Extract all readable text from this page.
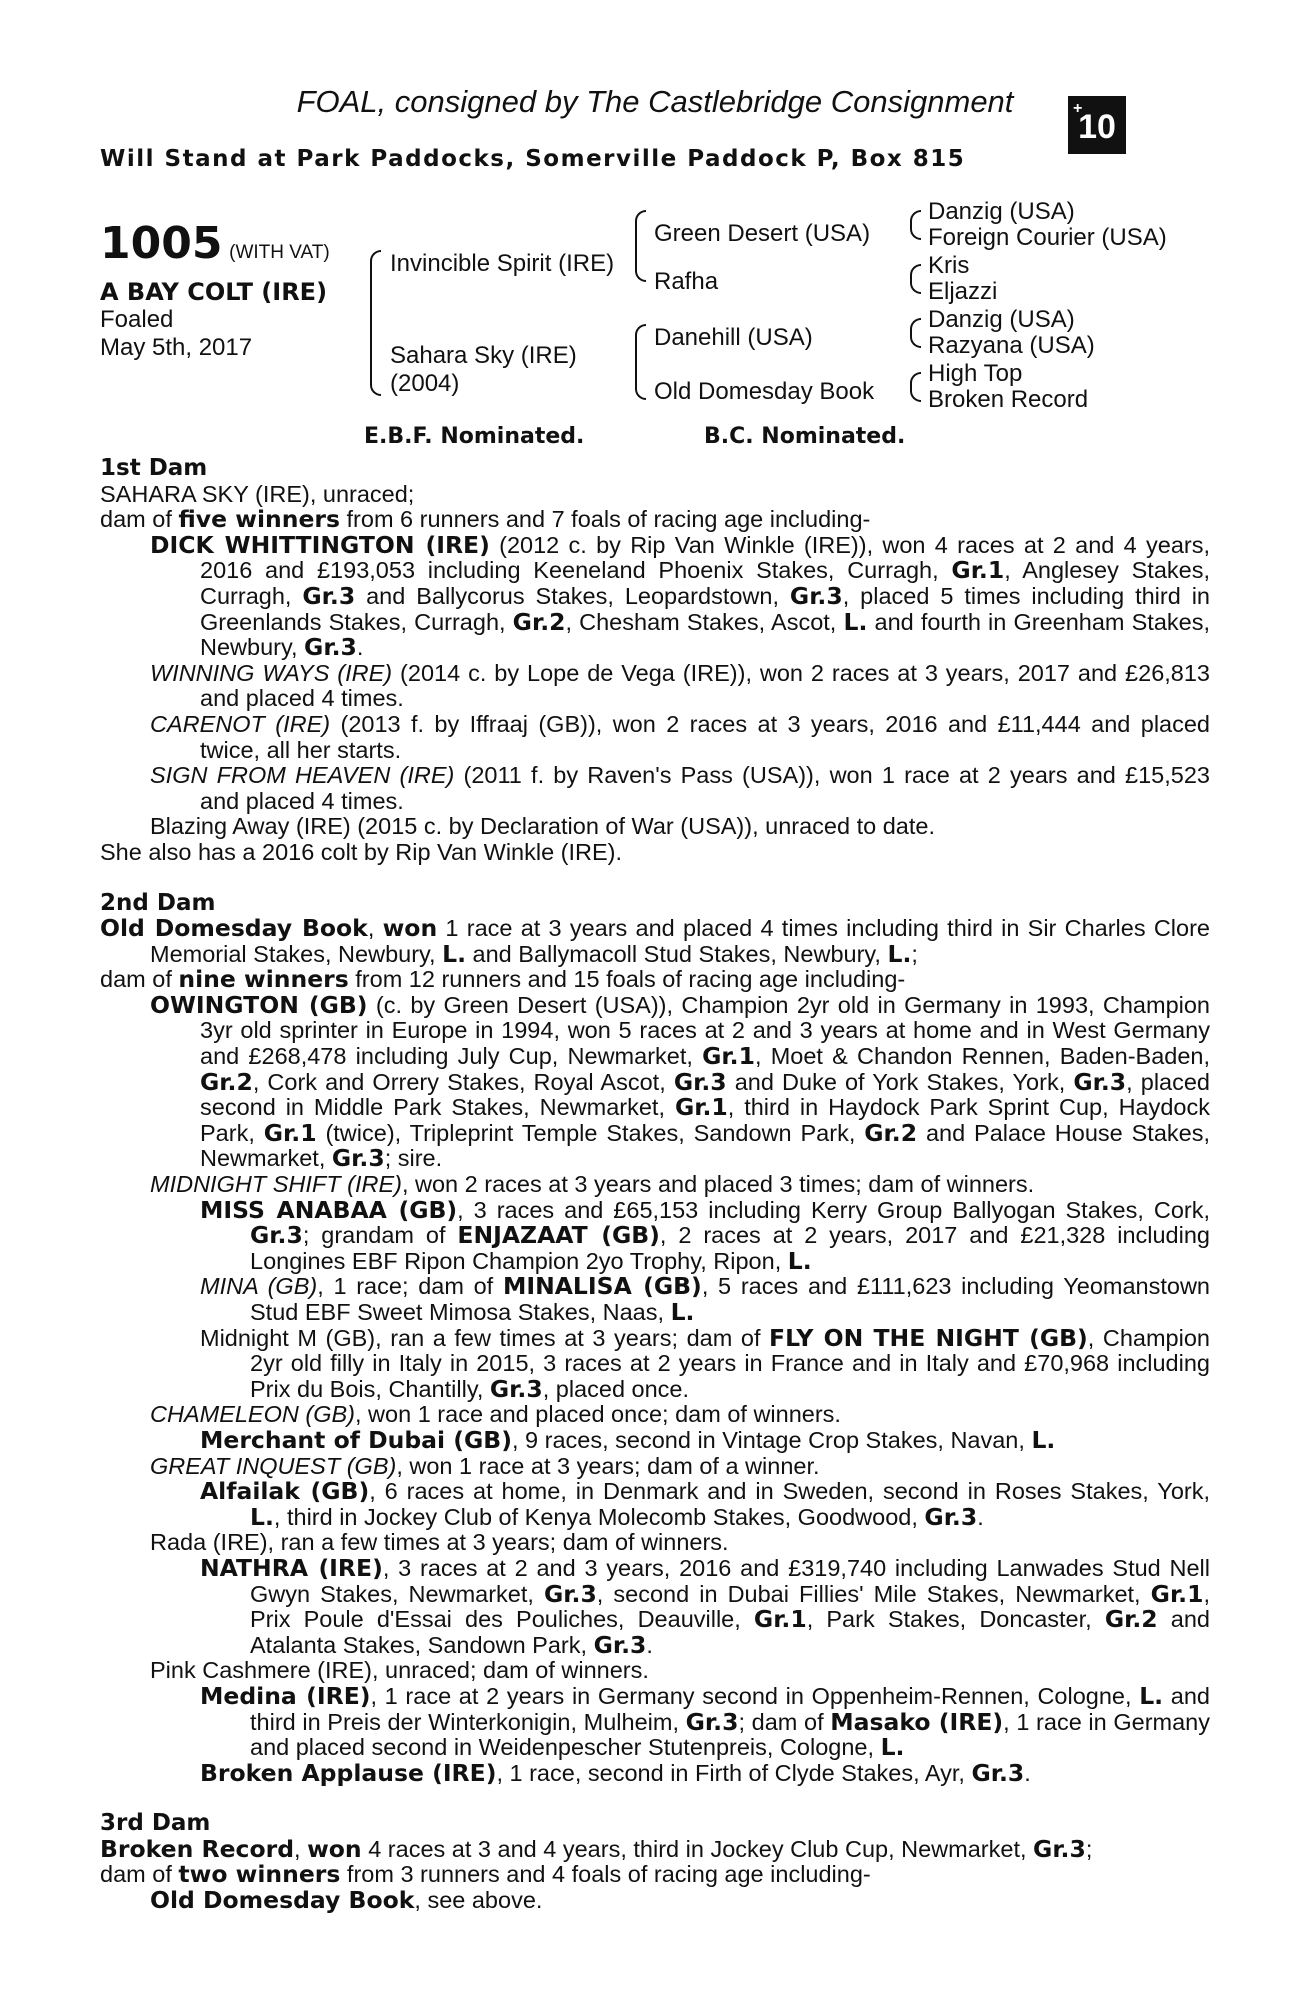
+
10
FOAL, consigned by The Castlebridge Consignment
Will Stand at Park Paddocks, Somerville Paddock P, Box 815
1005 (WITH VAT)
A BAY COLT (IRE)
Foaled
May 5th, 2017
Invincible Spirit (IRE)
Sahara Sky (IRE)
(2004)
Green Desert (USA)
Rafha
Danehill (USA)
Old Domesday Book
Danzig (USA)
Foreign Courier (USA)
Kris
Eljazzi
Danzig (USA)
Razyana (USA)
High Top
Broken Record
E.B.F. Nominated.	B.C. Nominated.

1st Dam

SAHARA SKY (IRE), unraced;

dam of five winners from 6 runners and 7 foals of racing age including-

DICK WHITTINGTON (IRE) (2012 c. by Rip Van Winkle (IRE)), won 4 races at 2 and 4 years, 2016 and £193,053 including Keeneland Phoenix Stakes, Curragh, Gr.1, Anglesey Stakes, Curragh, Gr.3 and Ballycorus Stakes, Leopardstown, Gr.3, placed 5 times including third in Greenlands Stakes, Curragh, Gr.2, Chesham Stakes, Ascot, L. and fourth in Greenham Stakes, Newbury, Gr.3.

WINNING WAYS (IRE) (2014 c. by Lope de Vega (IRE)), won 2 races at 3 years, 2017 and £26,813 and placed 4 times.

CARENOT (IRE) (2013 f. by Iffraaj (GB)), won 2 races at 3 years, 2016 and £11,444 and placed twice, all her starts.

SIGN FROM HEAVEN (IRE) (2011 f. by Raven's Pass (USA)), won 1 race at 2 years and £15,523 and placed 4 times.

Blazing Away (IRE) (2015 c. by Declaration of War (USA)), unraced to date.

She also has a 2016 colt by Rip Van Winkle (IRE).

2nd Dam

Old Domesday Book, won 1 race at 3 years and placed 4 times including third in Sir Charles Clore Memorial Stakes, Newbury, L. and Ballymacoll Stud Stakes, Newbury, L.;

dam of nine winners from 12 runners and 15 foals of racing age including-

OWINGTON (GB) (c. by Green Desert (USA)), Champion 2yr old in Germany in 1993, Champion 3yr old sprinter in Europe in 1994, won 5 races at 2 and 3 years at home and in West Germany and £268,478 including July Cup, Newmarket, Gr.1, Moet & Chandon Rennen, Baden-Baden, Gr.2, Cork and Orrery Stakes, Royal Ascot, Gr.3 and Duke of York Stakes, York, Gr.3, placed second in Middle Park Stakes, Newmarket, Gr.1, third in Haydock Park Sprint Cup, Haydock Park, Gr.1 (twice), Tripleprint Temple Stakes, Sandown Park, Gr.2 and Palace House Stakes, Newmarket, Gr.3; sire.

MIDNIGHT SHIFT (IRE), won 2 races at 3 years and placed 3 times; dam of winners.

MISS ANABAA (GB), 3 races and £65,153 including Kerry Group Ballyogan Stakes, Cork, Gr.3; grandam of ENJAZAAT (GB), 2 races at 2 years, 2017 and £21,328 including Longines EBF Ripon Champion 2yo Trophy, Ripon, L.

MINA (GB), 1 race; dam of MINALISA (GB), 5 races and £111,623 including Yeomanstown Stud EBF Sweet Mimosa Stakes, Naas, L.

Midnight M (GB), ran a few times at 3 years; dam of FLY ON THE NIGHT (GB), Champion 2yr old filly in Italy in 2015, 3 races at 2 years in France and in Italy and £70,968 including Prix du Bois, Chantilly, Gr.3, placed once.

CHAMELEON (GB), won 1 race and placed once; dam of winners.

Merchant of Dubai (GB), 9 races, second in Vintage Crop Stakes, Navan, L.

GREAT INQUEST (GB), won 1 race at 3 years; dam of a winner.

Alfailak (GB), 6 races at home, in Denmark and in Sweden, second in Roses Stakes, York, L., third in Jockey Club of Kenya Molecomb Stakes, Goodwood, Gr.3.

Rada (IRE), ran a few times at 3 years; dam of winners.

NATHRA (IRE), 3 races at 2 and 3 years, 2016 and £319,740 including Lanwades Stud Nell Gwyn Stakes, Newmarket, Gr.3, second in Dubai Fillies' Mile Stakes, Newmarket, Gr.1, Prix Poule d'Essai des Pouliches, Deauville, Gr.1, Park Stakes, Doncaster, Gr.2 and Atalanta Stakes, Sandown Park, Gr.3.

Pink Cashmere (IRE), unraced; dam of winners.

Medina (IRE), 1 race at 2 years in Germany second in Oppenheim-Rennen, Cologne, L. and third in Preis der Winterkonigin, Mulheim, Gr.3; dam of Masako (IRE), 1 race in Germany and placed second in Weidenpescher Stutenpreis, Cologne, L.

Broken Applause (IRE), 1 race, second in Firth of Clyde Stakes, Ayr, Gr.3.

3rd Dam

Broken Record, won 4 races at 3 and 4 years, third in Jockey Club Cup, Newmarket, Gr.3;

dam of two winners from 3 runners and 4 foals of racing age including-

Old Domesday Book, see above.
